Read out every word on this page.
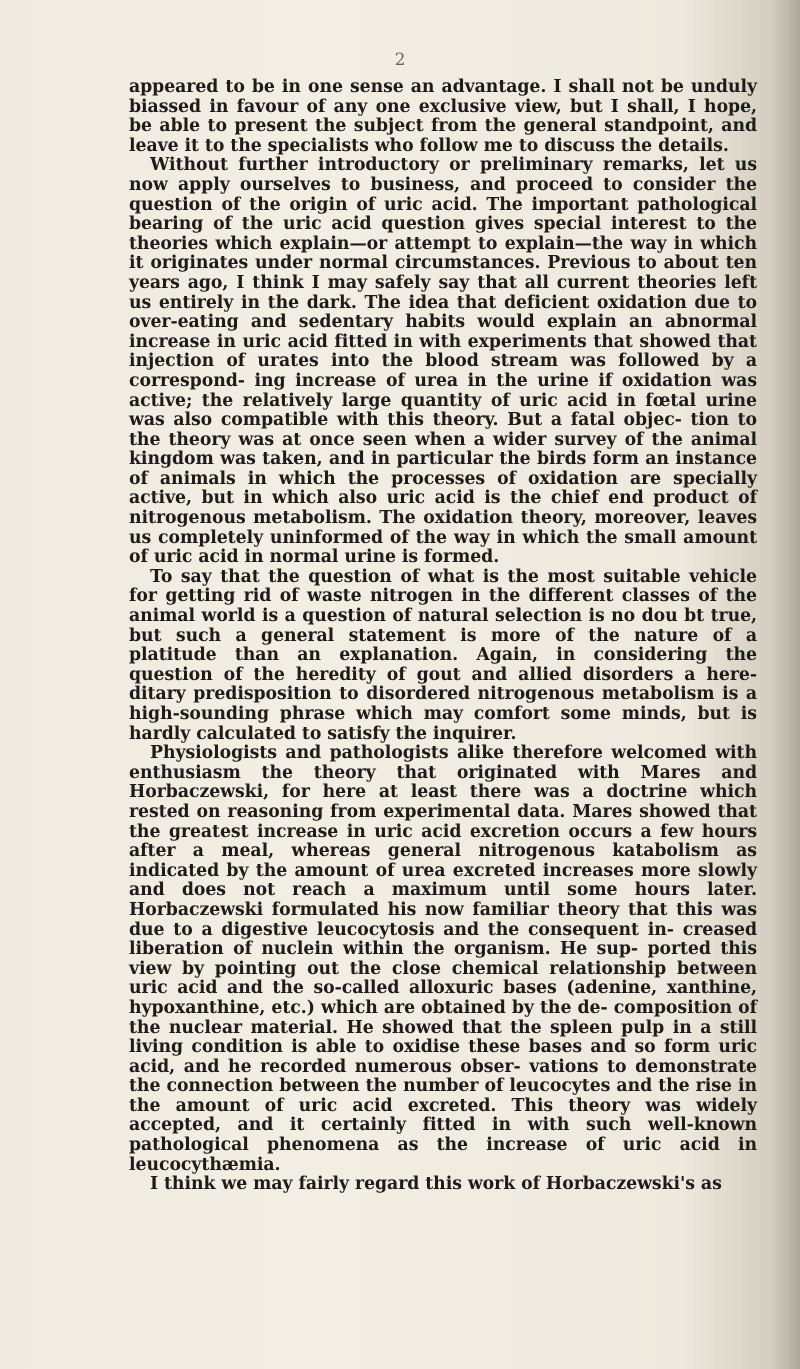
2

appeared to be in one sense an advantage. I shall not be unduly biassed in favour of any one exclusive view, but I shall, I hope, be able to present the subject from the general standpoint, and leave it to the specialists who follow me to discuss the details.

Without further introductory or preliminary remarks, let us now apply ourselves to business, and proceed to consider the question of the origin of uric acid. The important pathological bearing of the uric acid question gives special interest to the theories which explain—or attempt to explain—the way in which it originates under normal circumstances. Previous to about ten years ago, I think I may safely say that all current theories left us entirely in the dark. The idea that deficient oxidation due to over-eating and sedentary habits would explain an abnormal increase in uric acid fitted in with experiments that showed that injection of urates into the blood stream was followed by a correspond- ing increase of urea in the urine if oxidation was active; the relatively large quantity of uric acid in fœtal urine was also compatible with this theory. But a fatal objec- tion to the theory was at once seen when a wider survey of the animal kingdom was taken, and in particular the birds form an instance of animals in which the processes of oxidation are specially active, but in which also uric acid is the chief end product of nitrogenous metabolism. The oxidation theory, moreover, leaves us completely uninformed of the way in which the small amount of uric acid in normal urine is formed.

To say that the question of what is the most suitable vehicle for getting rid of waste nitrogen in the different classes of the animal world is a question of natural selection is no dou bt true, but such a general statement is more of the nature of a platitude than an explanation. Again, in considering the question of the heredity of gout and allied disorders a here- ditary predisposition to disordered nitrogenous metabolism is a high-sounding phrase which may comfort some minds, but is hardly calculated to satisfy the inquirer.

Physiologists and pathologists alike therefore welcomed with enthusiasm the theory that originated with Mares and Horbaczewski, for here at least there was a doctrine which rested on reasoning from experimental data. Mares showed that the greatest increase in uric acid excretion occurs a few hours after a meal, whereas general nitrogenous katabolism as indicated by the amount of urea excreted increases more slowly and does not reach a maximum until some hours later. Horbaczewski formulated his now familiar theory that this was due to a digestive leucocytosis and the consequent in- creased liberation of nuclein within the organism. He sup- ported this view by pointing out the close chemical relationship between uric acid and the so-called alloxuric bases (adenine, xanthine, hypoxanthine, etc.) which are obtained by the de- composition of the nuclear material. He showed that the spleen pulp in a still living condition is able to oxidise these bases and so form uric acid, and he recorded numerous obser- vations to demonstrate the connection between the number of leucocytes and the rise in the amount of uric acid excreted. This theory was widely accepted, and it certainly fitted in with such well-known pathological phenomena as the increase of uric acid in leucocythæmia.

I think we may fairly regard this work of Horbaczewski's as
